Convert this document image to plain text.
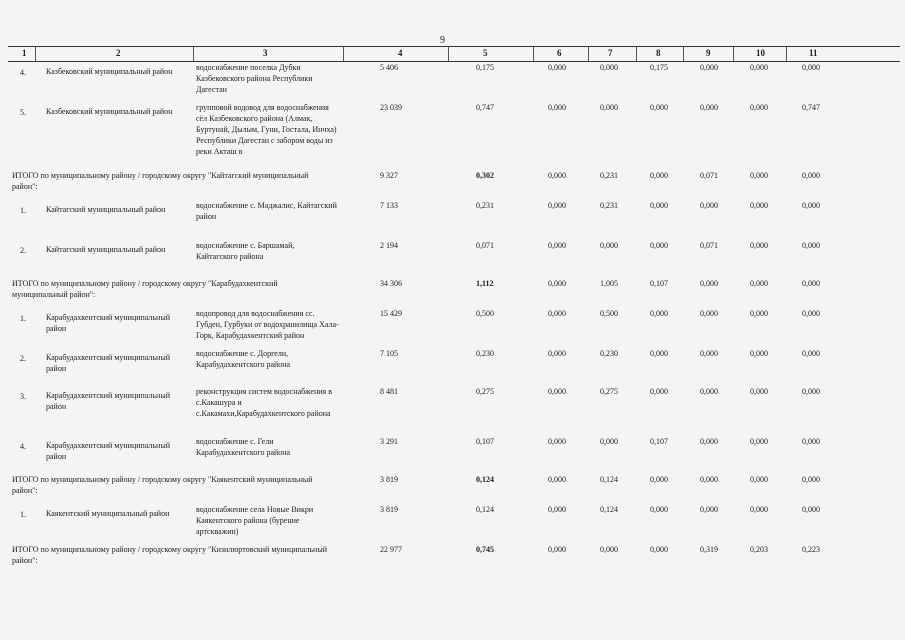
9
1	2	3	4	5	6	7	8	9	10	11
4.	Казбековский муниципальный район	водоснабжение поселка Дубки
Казбековского района Республики
Дагестан
5 406	0,175	0,000	0,000	0,175	0,000	0,000	0,000
5.	Казбековский муниципальный район	групповой водовод для водоснабжения
сёл Казбековского района (Алмак,
Буртунай, Дылым, Гуни, Гостала, Инчха)
Республики Дагестан с забором воды из
реки Акташ в
23 039	0,747	0,000	0,000	0,000	0,000	0,000	0,747
ИТОГО по муниципальному району / городскому округу "Кайтагский муниципальный
район":
9 327	0,302	0,000	0,231	0,000	0,071	0,000	0,000
1.	Кайтагский муниципальный район	водоснабжение с. Маджалис, Кайтагский
район
7 133	0,231	0,000	0,231	0,000	0,000	0,000	0,000
2.	Кайтагский муниципальный район	водоснабжение с. Баршамай,
Кайтагского района
2 194	0,071	0,000	0,000	0,000	0,071	0,000	0,000
ИТОГО по муниципальному району / городскому округу "Карабудахкентский
муниципальный район":
34 306	1,112	0,000	1,005	0,107	0,000	0,000	0,000
1.	Карабудахкентский муниципальный
район
водопровод для водоснабжения сс.
Губден, Гурбуки от водохранилища Хала-
Горк, Карабудахкентский район
15 429	0,500	0,000	0,500	0,000	0,000	0,000	0,000
2.	Карабудахкентский муниципальный
район
водоснабжение с. Доргели,
Карабудахкентского района
7 105	0,230	0,000	0,230	0,000	0,000	0,000	0,000
3.	Карабудахкентский муниципальный
район
реконструкция систем водоснабжения в
с.Какашура и
с.Какамахи,Карабудахкентского района
8 481	0,275	0,000	0,275	0,000	0,000	0,000	0,000
4.	Карабудахкентский муниципальный
район
водоснабжение с. Гели
Карабудахкентского района
3 291	0,107	0,000	0,000	0,107	0,000	0,000	0,000
ИТОГО по муниципальному району / городскому округу "Каякентский муниципальный
район":
3 819	0,124	0,000	0,124	0,000	0,000	0,000	0,000
1.	Каякентский муниципальный район	водоснабжение села Новые Викри
Каякентского района (бурение
артскважин)
3 819	0,124	0,000	0,124	0,000	0,000	0,000	0,000
ИТОГО по муниципальному району / городскому округу "Кизилюртовский муниципальный
район":
22 977	0,745	0,000	0,000	0,000	0,319	0,203	0,223
